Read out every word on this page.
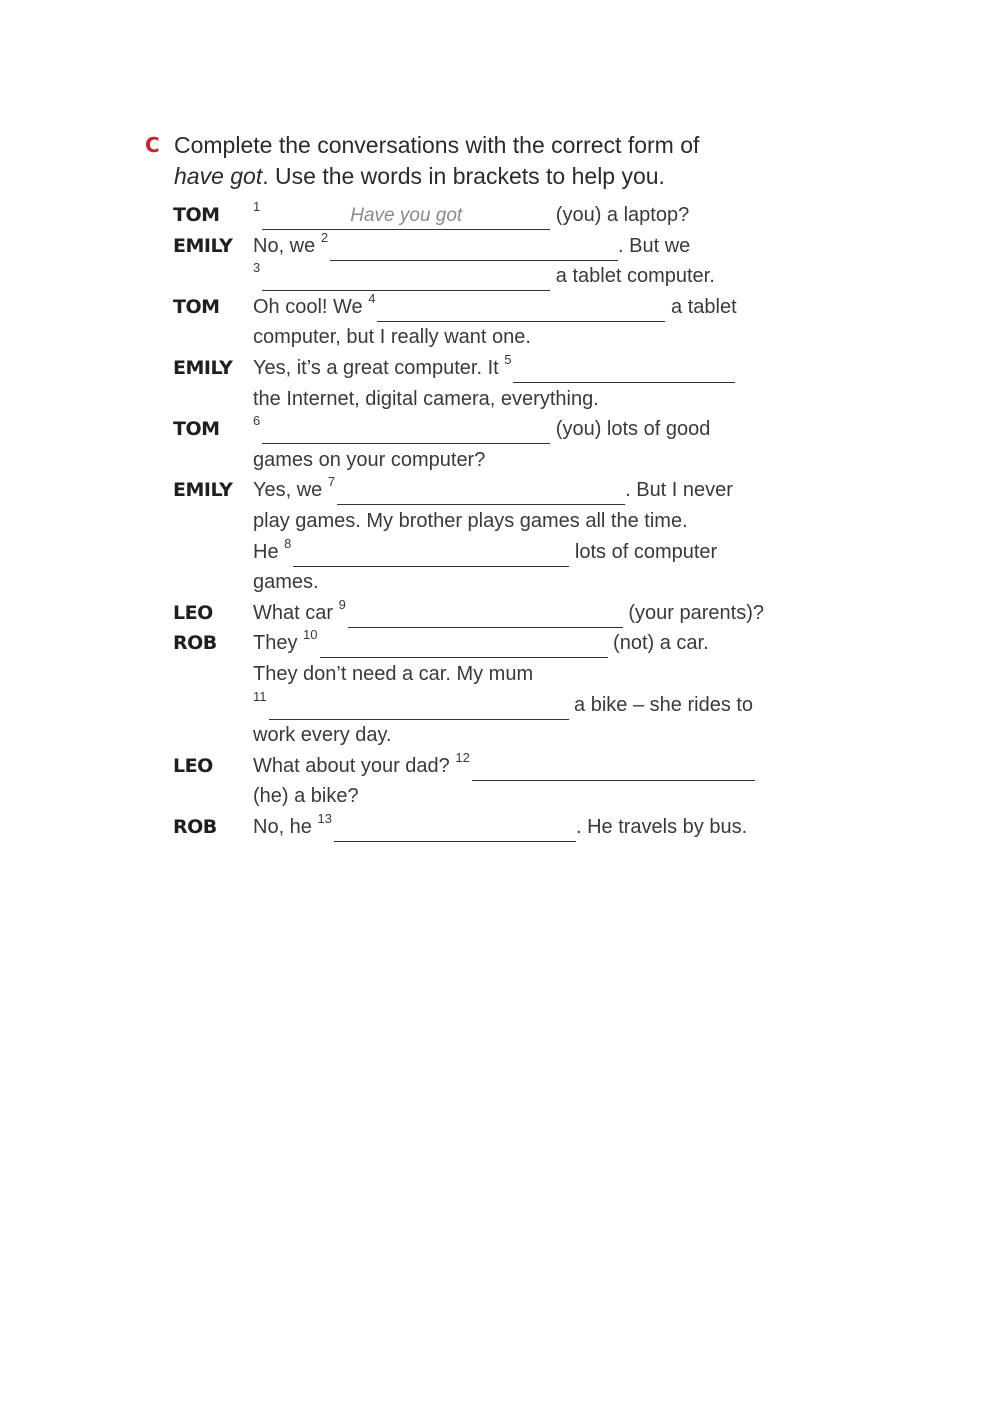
C Complete the conversations with the correct form of
have got. Use the words in brackets to help you.
TOM	1	Have you got	(you) a laptop?
EMILY No, we 2	. But we
3	a tablet computer.
TOM Oh cool! We 4	a tablet
computer, but I really want one.
EMILY Yes, it’s a great computer. It 5
the Internet, digital camera, everything.
TOM	6	(you) lots of good
games on your computer?
EMILY Yes, we 7	. But I never
play games. My brother plays games all the time.
He 8	lots of computer
games.
LEO What car 9	(your parents)?
ROB They 10	(not) a car.
They don’t need a car. My mum
11	a bike – she rides to
work every day.
LEO What about your dad? 12
(he) a bike?
ROB No, he 13	. He travels by bus.
